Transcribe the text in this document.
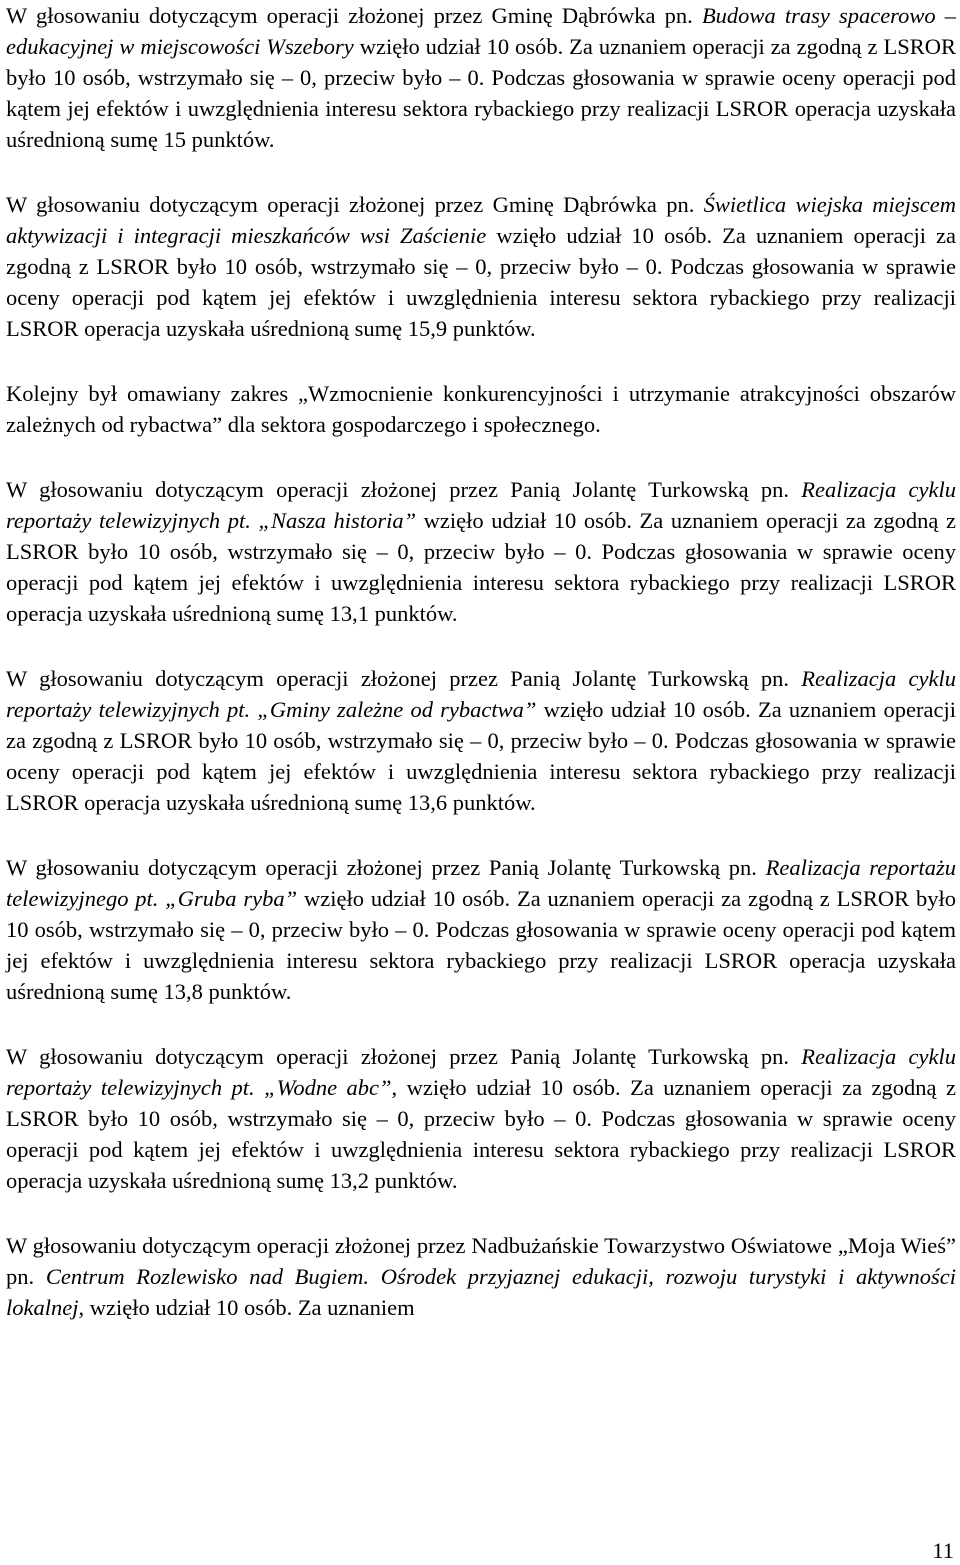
W głosowaniu dotyczącym operacji złożonej przez Gminę Dąbrówka pn. Budowa trasy spacerowo – edukacyjnej w miejscowości Wszebory wzięło udział 10 osób. Za uznaniem operacji za zgodną z LSROR było 10 osób, wstrzymało się – 0, przeciw było – 0. Podczas głosowania w sprawie oceny operacji pod kątem jej efektów i uwzględnienia interesu sektora rybackiego przy realizacji LSROR operacja uzyskała uśrednioną sumę 15 punktów.

W głosowaniu dotyczącym operacji złożonej przez Gminę Dąbrówka pn. Świetlica wiejska miejscem aktywizacji i integracji mieszkańców wsi Zaścienie wzięło udział 10 osób. Za uznaniem operacji za zgodną z LSROR było 10 osób, wstrzymało się – 0, przeciw było – 0. Podczas głosowania w sprawie oceny operacji pod kątem jej efektów i uwzględnienia interesu sektora rybackiego przy realizacji LSROR operacja uzyskała uśrednioną sumę 15,9 punktów.

Kolejny był omawiany zakres „Wzmocnienie konkurencyjności i utrzymanie atrakcyjności obszarów zależnych od rybactwa” dla sektora gospodarczego i społecznego.

W głosowaniu dotyczącym operacji złożonej przez Panią Jolantę Turkowską pn. Realizacja cyklu reportaży telewizyjnych pt. „Nasza historia” wzięło udział 10 osób. Za uznaniem operacji za zgodną z LSROR było 10 osób, wstrzymało się – 0, przeciw było – 0. Podczas głosowania w sprawie oceny operacji pod kątem jej efektów i uwzględnienia interesu sektora rybackiego przy realizacji LSROR operacja uzyskała uśrednioną sumę 13,1 punktów.

W głosowaniu dotyczącym operacji złożonej przez Panią Jolantę Turkowską pn. Realizacja cyklu reportaży telewizyjnych pt. „Gminy zależne od rybactwa” wzięło udział 10 osób. Za uznaniem operacji za zgodną z LSROR było 10 osób, wstrzymało się – 0, przeciw było – 0. Podczas głosowania w sprawie oceny operacji pod kątem jej efektów i uwzględnienia interesu sektora rybackiego przy realizacji LSROR operacja uzyskała uśrednioną sumę 13,6 punktów.

W głosowaniu dotyczącym operacji złożonej przez Panią Jolantę Turkowską pn. Realizacja reportażu telewizyjnego pt. „Gruba ryba” wzięło udział 10 osób. Za uznaniem operacji za zgodną z LSROR było 10 osób, wstrzymało się – 0, przeciw było – 0. Podczas głosowania w sprawie oceny operacji pod kątem jej efektów i uwzględnienia interesu sektora rybackiego przy realizacji LSROR operacja uzyskała uśrednioną sumę 13,8 punktów.

W głosowaniu dotyczącym operacji złożonej przez Panią Jolantę Turkowską pn. Realizacja cyklu reportaży telewizyjnych pt. „Wodne abc”, wzięło udział 10 osób. Za uznaniem operacji za zgodną z LSROR było 10 osób, wstrzymało się – 0, przeciw było – 0. Podczas głosowania w sprawie oceny operacji pod kątem jej efektów i uwzględnienia interesu sektora rybackiego przy realizacji LSROR operacja uzyskała uśrednioną sumę 13,2 punktów.

W głosowaniu dotyczącym operacji złożonej przez Nadbużańskie Towarzystwo Oświatowe „Moja Wieś” pn. Centrum Rozlewisko nad Bugiem. Ośrodek przyjaznej edukacji, rozwoju turystyki i aktywności lokalnej, wzięło udział 10 osób. Za uznaniem

11
